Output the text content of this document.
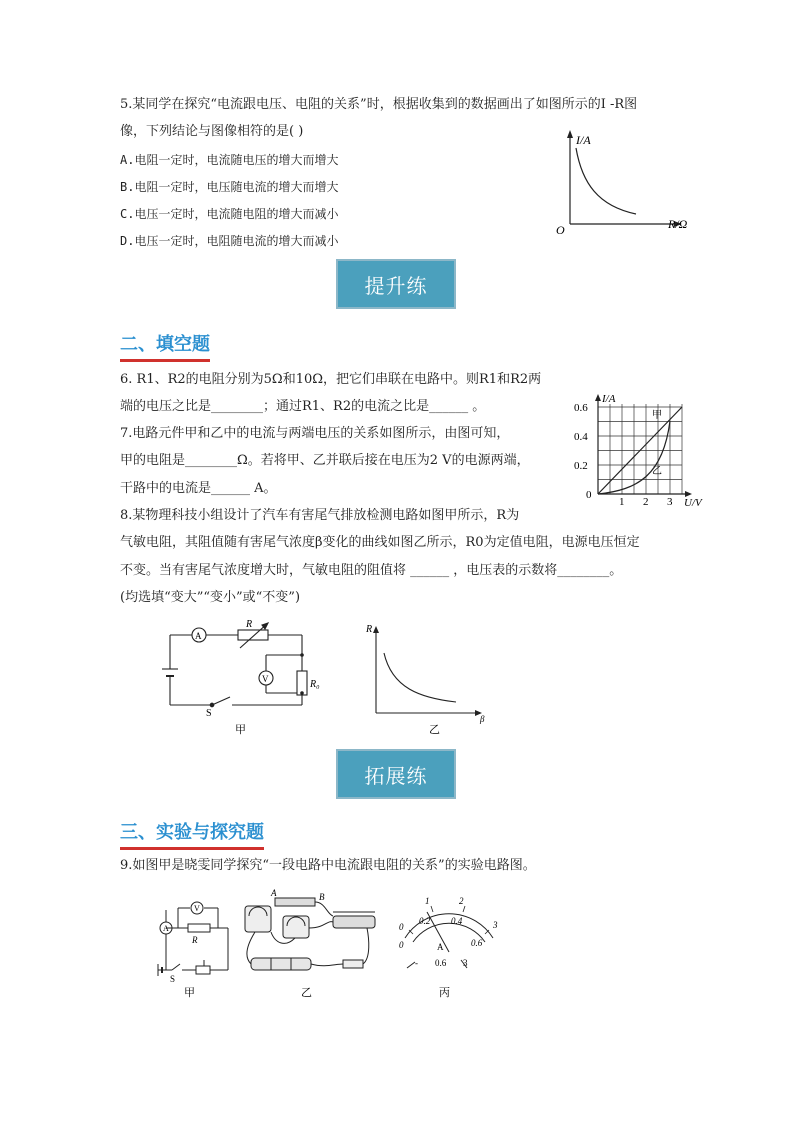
5.某同学在探究“电流跟电压、电阻的关系”时，根据收集到的数据画出了如图所示的I -R图
像，下列结论与图像相符的是( )
A.电阻一定时，电流随电压的增大而增大
B.电阻一定时，电压随电流的增大而增大
C.电压一定时，电流随电阻的增大而减小
D.电压一定时，电阻随电流的增大而减小
I/A
R/Ω
O
提升练
二、填空题
6. R1、R2的电阻分别为5Ω和10Ω，把它们串联在电路中。则R1和R2两
端的电压之比是________；通过R1、R2的电流之比是______ 。
7.电路元件甲和乙中的电流与两端电压的关系如图所示，由图可知，
甲的电阻是________Ω。若将甲、乙并联后接在电压为2 V的电源两端，
干路中的电流是______ A。
I/A
U/V
0.6
0.4
0.2
0
1 2 3
甲
乙
8.某物理科技小组设计了汽车有害尾气排放检测电路如图甲所示，R为
气敏电阻，其阻值随有害尾气浓度β变化的曲线如图乙所示，R0为定值电阻，电源电压恒定
不变。当有害尾气浓度增大时，气敏电阻的阻值将 ______ ，电压表的示数将________。
(均选填“变大”“变小”或“不变”)
A
V
R
R₀
S
甲
R
β
乙
拓展练
三、实验与探究题
9.如图甲是晓雯同学探究“一段电路中电流跟电阻的关系”的实验电路图。
A
V
R
S
甲
A	B
乙
0
1	2
3
0
0.2 0.4
0.6
A
- 0.6 3
丙
